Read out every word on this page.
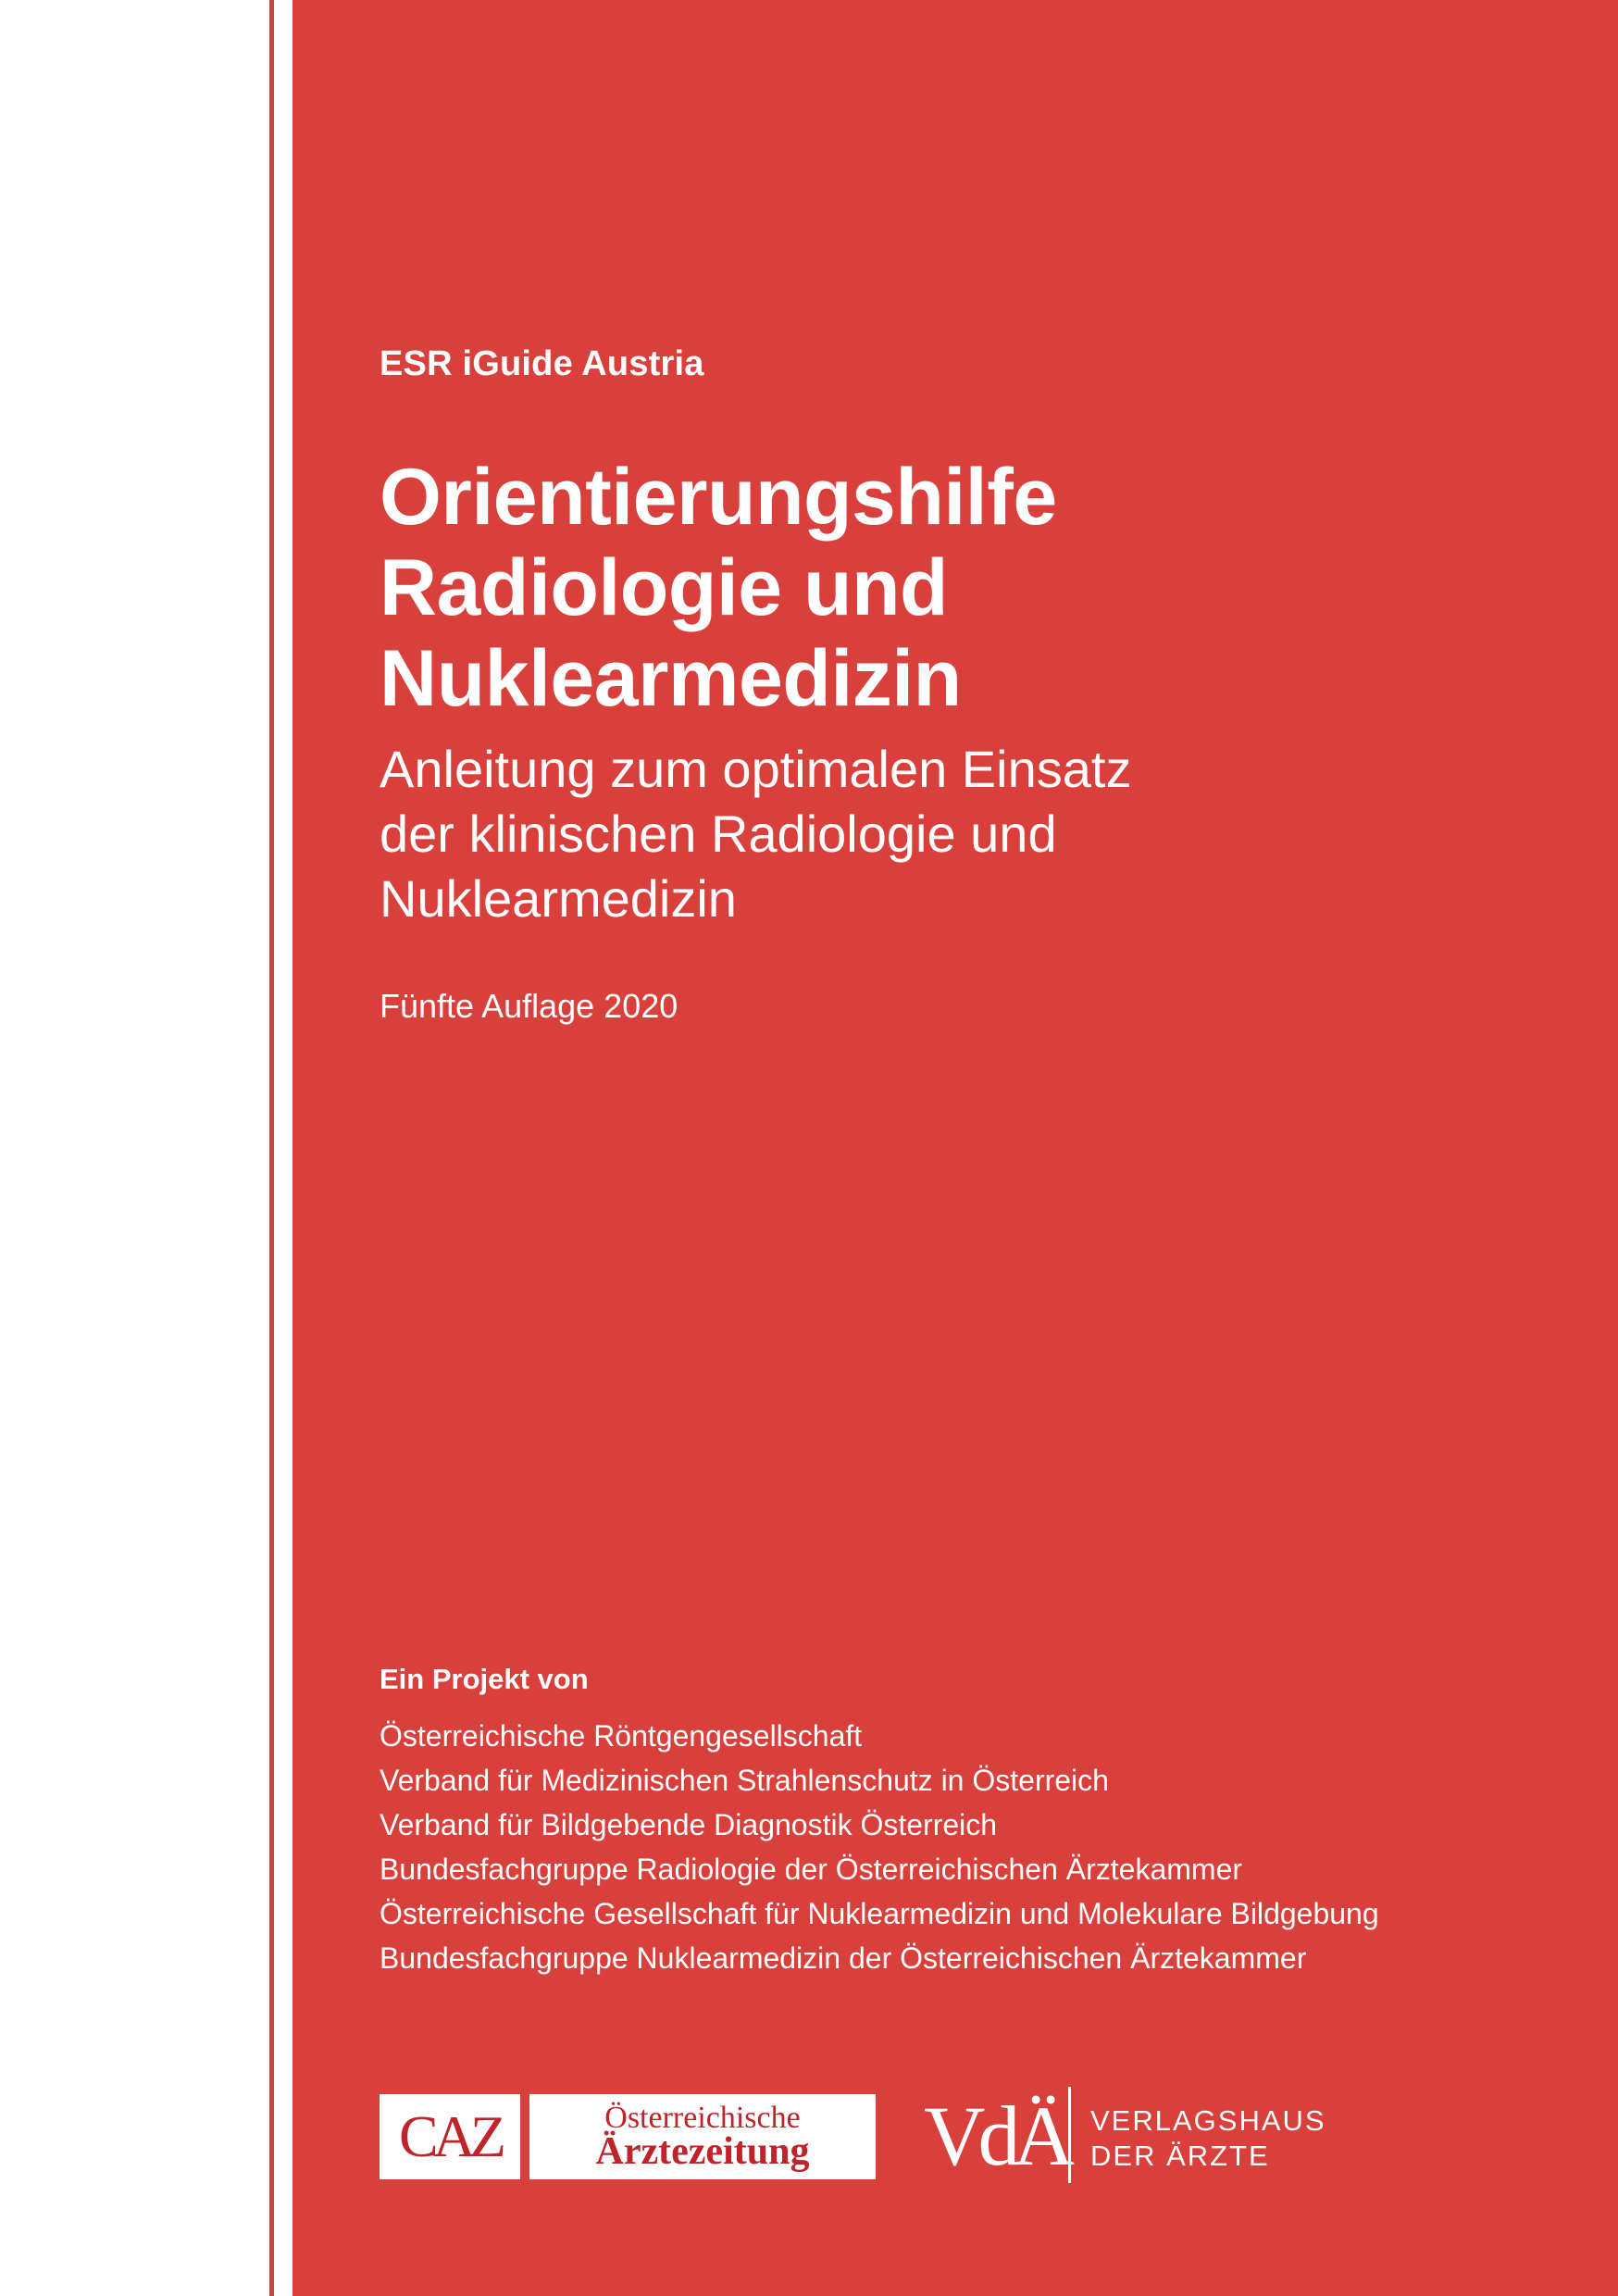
ESR iGuide Austria
Orientierungshilfe
Radiologie und
Nuklearmedizin
Anleitung zum optimalen Einsatz
der klinischen Radiologie und
Nuklearmedizin
Fünfte Auflage 2020
Ein Projekt von
Österreichische Röntgengesellschaft
Verband für Medizinischen Strahlenschutz in Österreich
Verband für Bildgebende Diagnostik Österreich
Bundesfachgruppe Radiologie der Österreichischen Ärztekammer
Österreichische Gesellschaft für Nuklearmedizin und Molekulare Bildgebung
Bundesfachgruppe Nuklearmedizin der Österreichischen Ärztekammer
CAZ	Österreichische
Ärztezeitung VdÄ VERLAGSHAUS
DER ÄRZTE
